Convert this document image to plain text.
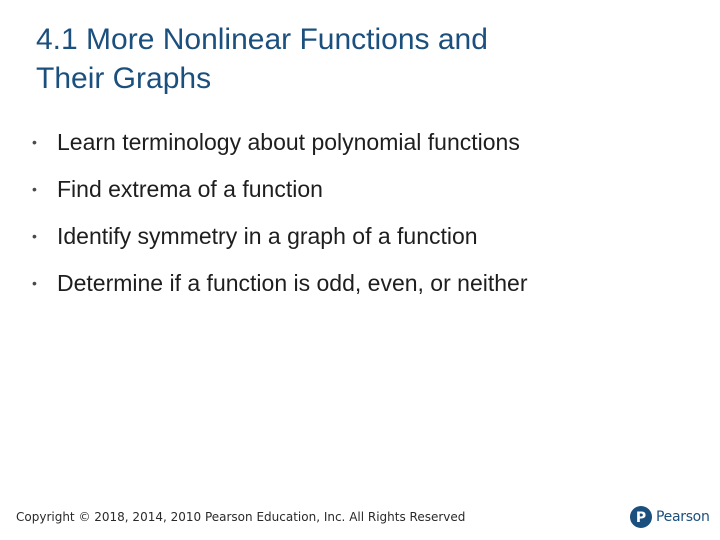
4.1 More Nonlinear Functions and
Their Graphs
• Learn terminology about polynomial functions
• Find extrema of a function
• Identify symmetry in a graph of a function
• Determine if a function is odd, even, or neither
Copyright © 2018, 2014, 2010 Pearson Education, Inc. All Rights Reserved	P Pearson
